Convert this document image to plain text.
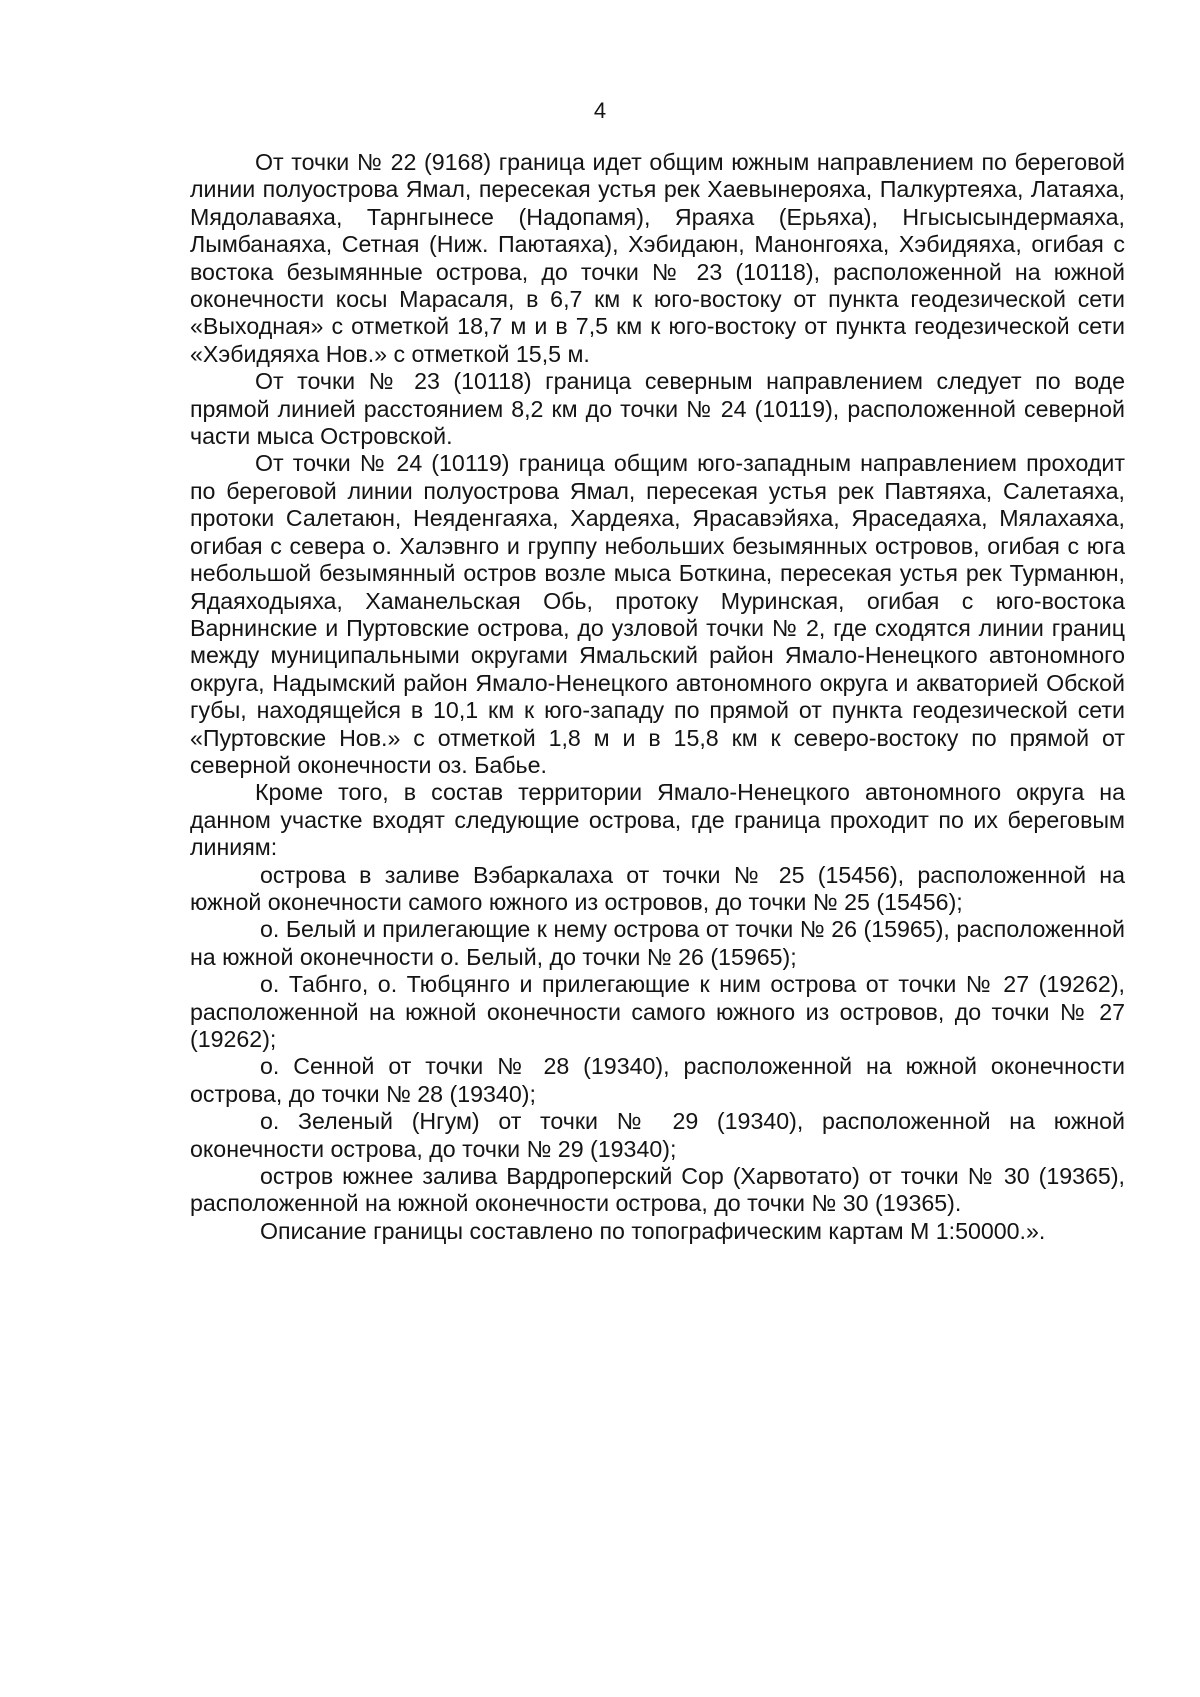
4

От точки № 22 (9168) граница идет общим южным направлением по береговой линии полуострова Ямал, пересекая устья рек Хаевынерояха, Палкуртеяха, Латаяха, Мядолаваяха, Тарнгынесе (Надопамя), Яраяха (Ерьяха), Нгысысындермаяха, Лымбанаяха, Сетная (Ниж. Паютаяха), Хэбидаюн, Манонгояха, Хэбидяяха, огибая с востока безымянные острова, до точки № 23 (10118), расположенной на южной оконечности косы Марасаля, в 6,7 км к юго-востоку от пункта геодезической сети «Выходная» с отметкой 18,7 м и в 7,5 км к юго-востоку от пункта геодезической сети «Хэбидяяха Нов.» с отметкой 15,5 м.

От точки № 23 (10118) граница северным направлением следует по воде прямой линией расстоянием 8,2 км до точки № 24 (10119), расположенной северной части мыса Островской.

От точки № 24 (10119) граница общим юго-западным направлением проходит по береговой линии полуострова Ямал, пересекая устья рек Павтяяха, Салетаяха, протоки Салетаюн, Неяденгаяха, Хардеяха, Ярасавэйяха, Яраседаяха, Мялахаяха, огибая с севера о. Халэвнго и группу небольших безымянных островов, огибая с юга небольшой безымянный остров возле мыса Боткина, пересекая устья рек Турманюн, Ядаяходыяха, Хаманельская Обь, протоку Муринская, огибая с юго-востока Варнинские и Пуртовские острова, до узловой точки № 2, где сходятся линии границ между муниципальными округами Ямальский район Ямало-Ненецкого автономного округа, Надымский район Ямало-Ненецкого автономного округа и акваторией Обской губы, находящейся в 10,1 км к юго-западу по прямой от пункта геодезической сети «Пуртовские Нов.» с отметкой 1,8 м и в 15,8 км к северо-востоку по прямой от северной оконечности оз. Бабье.

Кроме того, в состав территории Ямало-Ненецкого автономного округа на данном участке входят следующие острова, где граница проходит по их береговым линиям:

острова в заливе Вэбаркалаха от точки № 25 (15456), расположенной на южной оконечности самого южного из островов, до точки № 25 (15456);

о. Белый и прилегающие к нему острова от точки № 26 (15965), расположенной на южной оконечности о. Белый, до точки № 26 (15965);

о. Табнго, о. Тюбцянго и прилегающие к ним острова от точки № 27 (19262), расположенной на южной оконечности самого южного из островов, до точки № 27 (19262);

о. Сенной от точки № 28 (19340), расположенной на южной оконечности острова, до точки № 28 (19340);

о. Зеленый (Нгум) от точки № 29 (19340), расположенной на южной оконечности острова, до точки № 29 (19340);

остров южнее залива Вардроперский Сор (Харвотато) от точки № 30 (19365), расположенной на южной оконечности острова, до точки № 30 (19365).

Описание границы составлено по топографическим картам М 1:50000.».
